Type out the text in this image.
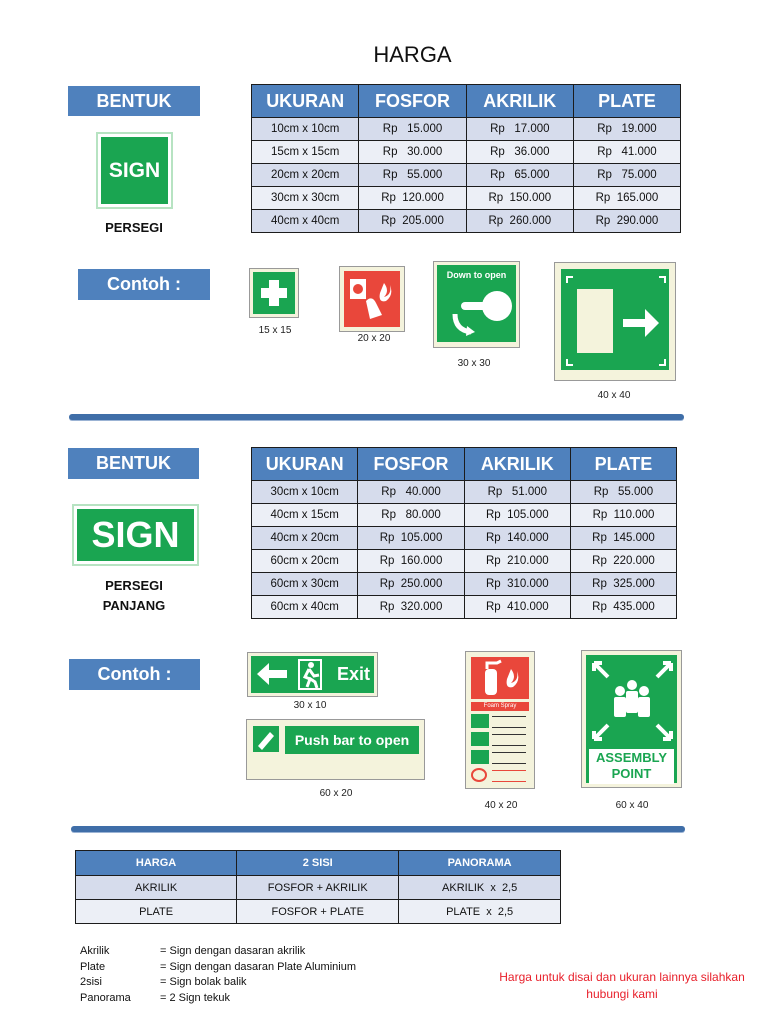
HARGA
BENTUK
SIGN
PERSEGI
UKURAN	FOSFOR	AKRILIK	PLATE
10cm x 10cm	Rp   15.000	Rp   17.000	Rp   19.000
15cm x 15cm	Rp   30.000	Rp   36.000	Rp   41.000
20cm x 20cm	Rp   55.000	Rp   65.000	Rp   75.000
30cm x 30cm	Rp  120.000	Rp  150.000	Rp  165.000
40cm x 40cm	Rp  205.000	Rp  260.000	Rp  290.000
Contoh :
15 x 15
20 x 20
Down to open
30 x 30
40 x 40
BENTUK
SIGN
PERSEGI
PANJANG
UKURAN	FOSFOR	AKRILIK	PLATE
30cm x 10cm	Rp   40.000	Rp   51.000	Rp   55.000
40cm x 15cm	Rp   80.000	Rp  105.000	Rp  110.000
40cm x 20cm	Rp  105.000	Rp  140.000	Rp  145.000
60cm x 20cm	Rp  160.000	Rp  210.000	Rp  220.000
60cm x 30cm	Rp  250.000	Rp  310.000	Rp  325.000
60cm x 40cm	Rp  320.000	Rp  410.000	Rp  435.000
Contoh :	Exit
30 x 10
Push bar to open
60 x 20
Foam Spray
40 x 20
ASSEMBLY
POINT
60 x 40
HARGA	2 SISI	PANORAMA
AKRILIK	FOSFOR + AKRILIK	AKRILIK  x  2,5
PLATE	FOSFOR + PLATE	PLATE  x  2,5
Akrilik	= Sign dengan dasaran akrilik
Plate	= Sign dengan dasaran Plate Aluminium
2sisi	= Sign bolak balik
Panorama	= 2 Sign tekuk
Harga untuk disai dan ukuran lainnya silahkan
hubungi kami
